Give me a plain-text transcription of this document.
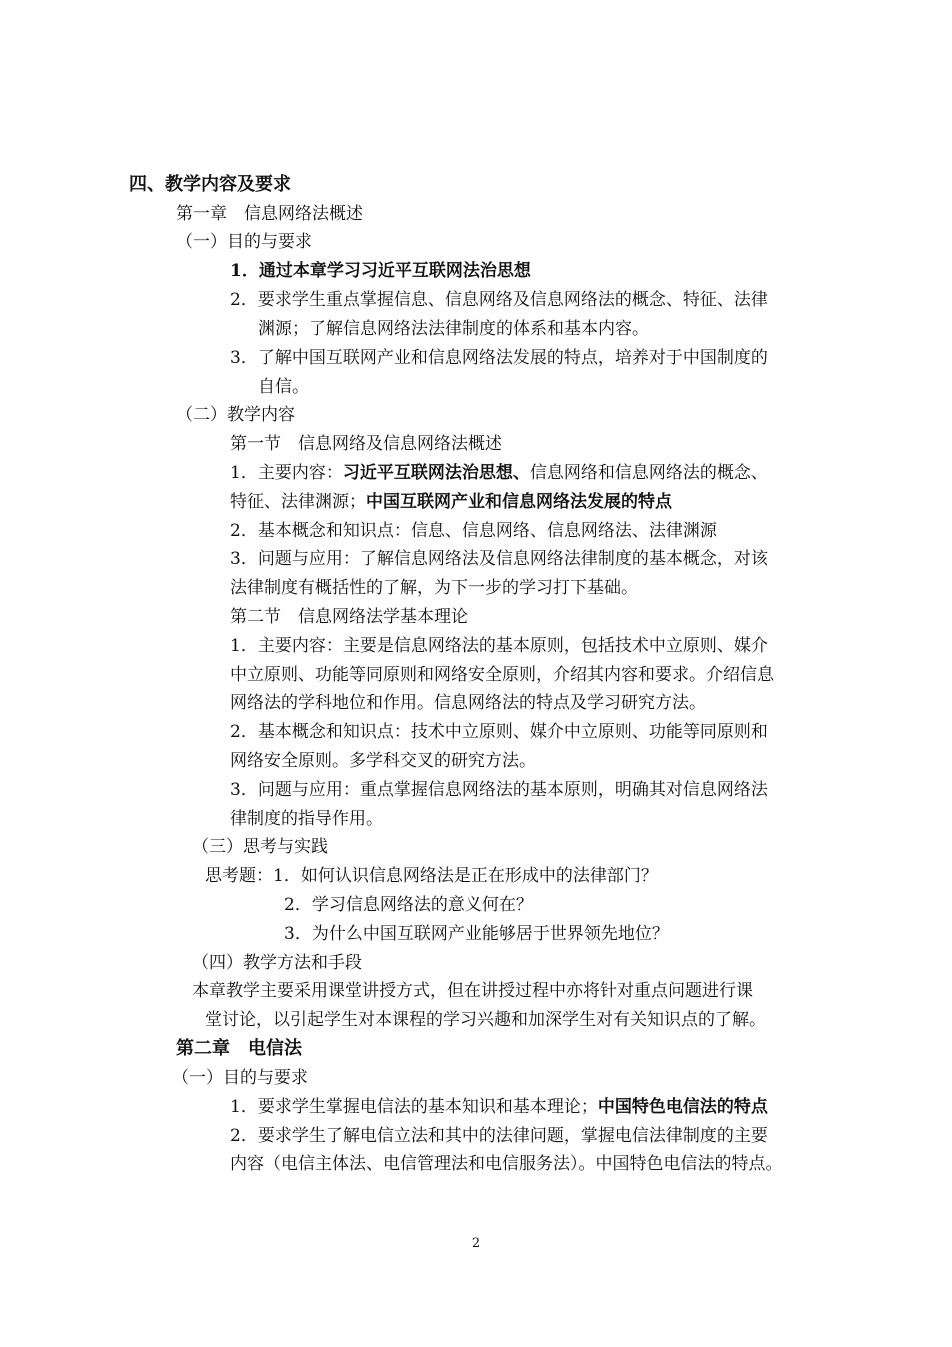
四、教学内容及要求

第一章　信息网络法概述

（一）目的与要求

1．通过本章学习习近平互联网法治思想

2．要求学生重点掌握信息、信息网络及信息网络法的概念、特征、法律

渊源；了解信息网络法法律制度的体系和基本内容。

3．了解中国互联网产业和信息网络法发展的特点，培养对于中国制度的

自信。

（二）教学内容

第一节　信息网络及信息网络法概述

1．主要内容：习近平互联网法治思想、信息网络和信息网络法的概念、

特征、法律渊源；中国互联网产业和信息网络法发展的特点

2．基本概念和知识点：信息、信息网络、信息网络法、法律渊源

3．问题与应用：了解信息网络法及信息网络法律制度的基本概念，对该

法律制度有概括性的了解，为下一步的学习打下基础。

第二节　信息网络法学基本理论

1．主要内容：主要是信息网络法的基本原则，包括技术中立原则、媒介

中立原则、功能等同原则和网络安全原则，介绍其内容和要求。介绍信息

网络法的学科地位和作用。信息网络法的特点及学习研究方法。

2．基本概念和知识点：技术中立原则、媒介中立原则、功能等同原则和

网络安全原则。多学科交叉的研究方法。

3．问题与应用：重点掌握信息网络法的基本原则，明确其对信息网络法

律制度的指导作用。

（三）思考与实践

思考题：1．如何认识信息网络法是正在形成中的法律部门？

2．学习信息网络法的意义何在？

3．为什么中国互联网产业能够居于世界领先地位？

（四）教学方法和手段

本章教学主要采用课堂讲授方式，但在讲授过程中亦将针对重点问题进行课

堂讨论，以引起学生对本课程的学习兴趣和加深学生对有关知识点的了解。

第二章　电信法

（一）目的与要求

1．要求学生掌握电信法的基本知识和基本理论；中国特色电信法的特点

2．要求学生了解电信立法和其中的法律问题，掌握电信法律制度的主要

内容（电信主体法、电信管理法和电信服务法）。中国特色电信法的特点。

2
